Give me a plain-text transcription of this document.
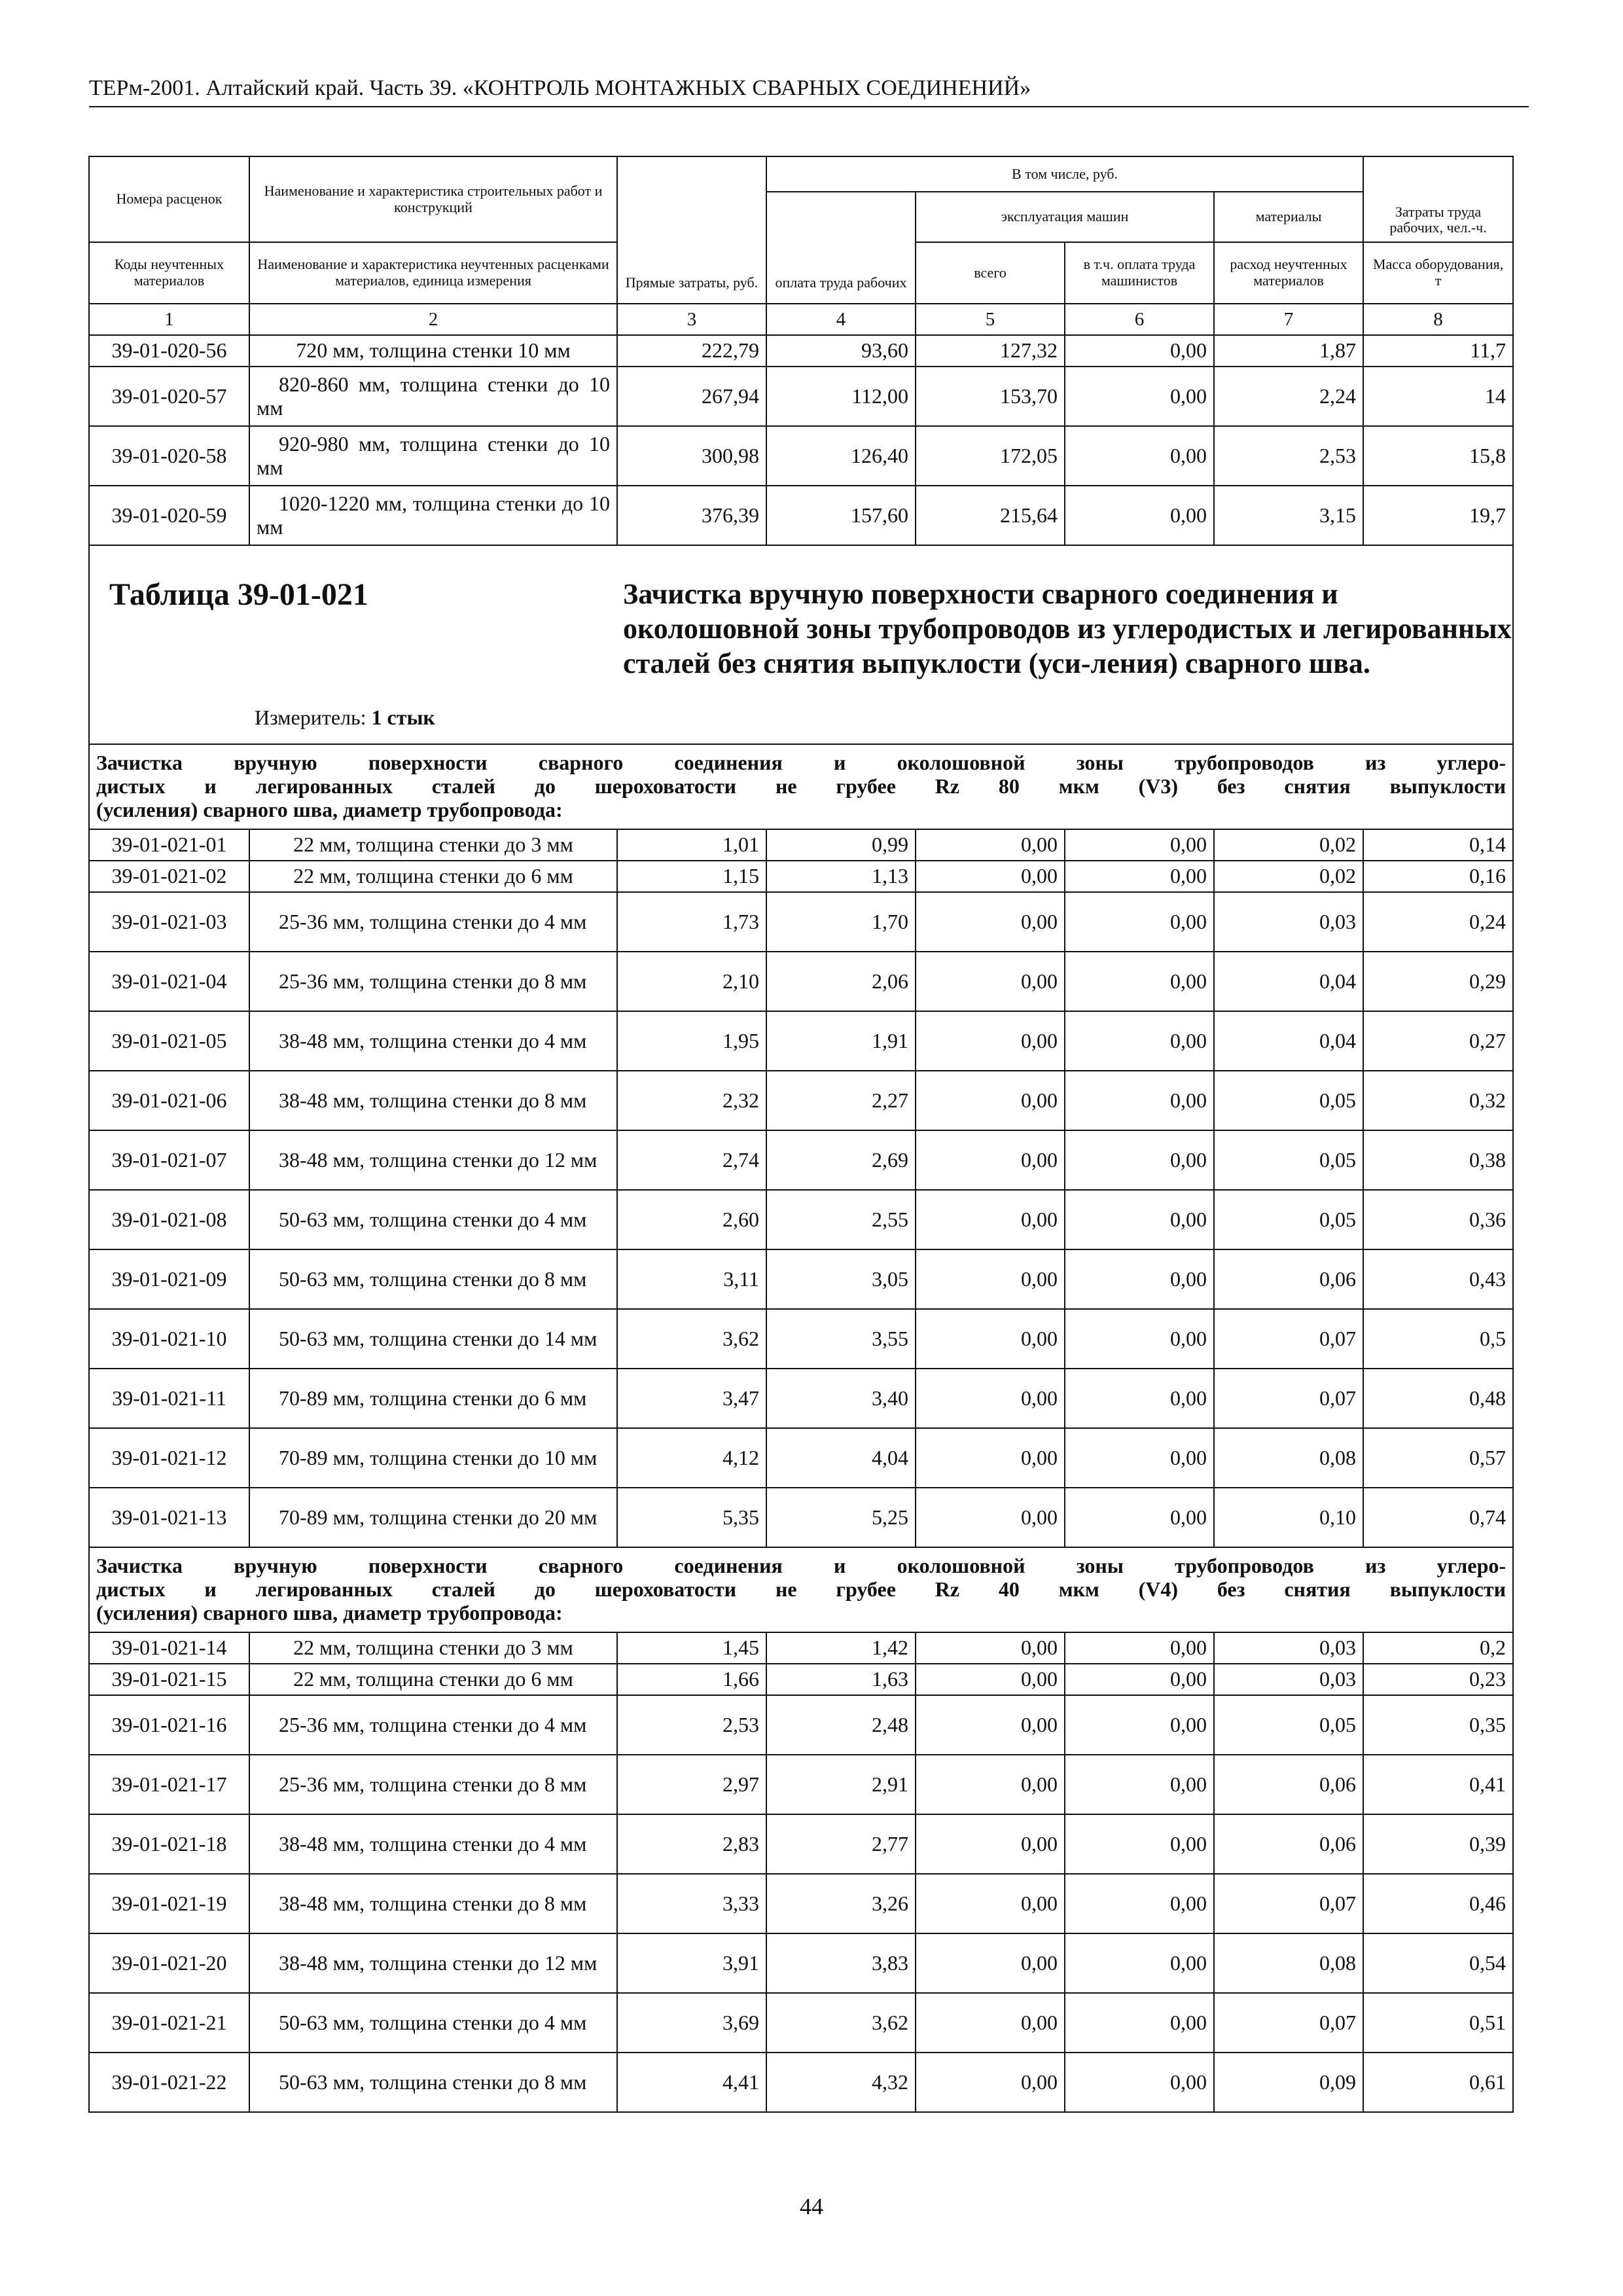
ТЕРм-2001. Алтайский край. Часть 39. «КОНТРОЛЬ МОНТАЖНЫХ СВАРНЫХ СОЕДИНЕНИЙ»
Номера расценок	Наименование и характеристика строительных работ и конструкций	Прямые затраты, руб.	В том числе, руб.				Затраты труда рабочих, чел.-ч.
			оплата труда рабочих	эксплуатация машин		материалы	
Коды неучтенных материалов	Наименование и характеристика неучтенных расценками материалов, единица измерения			всего	в т.ч. оплата труда машинистов	расход неучтенных материалов	Масса оборудования, т
1	2	3	4	5	6	7	8
39-01-020-56	720 мм, толщина стенки 10 мм	222,79	93,60	127,32	0,00	1,87	11,7
39-01-020-57	820-860 мм, толщина стенки до 10 мм	267,94	112,00	153,70	0,00	2,24	14
39-01-020-58	920-980 мм, толщина стенки до 10 мм	300,98	126,40	172,05	0,00	2,53	15,8
39-01-020-59	1020-1220 мм, толщина стенки до 10 мм	376,39	157,60	215,64	0,00	3,15	19,7

Таблица 39-01-021 Зачистка вручную поверхности сварного соединения и околошовной зоны трубопроводов из углеродистых и легированных сталей без снятия выпуклости (уси-ления) сварного шва.
Измеритель: 1 стык							

Зачистка вручную поверхности сварного соединения и околошовной зоны трубопроводов из углеро-
дистых и легированных сталей до шероховатости не грубее Rz 80 мкм (V3) без снятия выпуклости
(усиления) сварного шва, диаметр трубопровода:							

39-01-021-01	22 мм, толщина стенки до 3 мм	1,01	0,99	0,00	0,00	0,02	0,14
39-01-021-02	22 мм, толщина стенки до 6 мм	1,15	1,13	0,00	0,00	0,02	0,16
39-01-021-03	25-36 мм, толщина стенки до 4 мм	1,73	1,70	0,00	0,00	0,03	0,24
39-01-021-04	25-36 мм, толщина стенки до 8 мм	2,10	2,06	0,00	0,00	0,04	0,29
39-01-021-05	38-48 мм, толщина стенки до 4 мм	1,95	1,91	0,00	0,00	0,04	0,27
39-01-021-06	38-48 мм, толщина стенки до 8 мм	2,32	2,27	0,00	0,00	0,05	0,32
39-01-021-07	38-48 мм, толщина стенки до 12 мм	2,74	2,69	0,00	0,00	0,05	0,38
39-01-021-08	50-63 мм, толщина стенки до 4 мм	2,60	2,55	0,00	0,00	0,05	0,36
39-01-021-09	50-63 мм, толщина стенки до 8 мм	3,11	3,05	0,00	0,00	0,06	0,43
39-01-021-10	50-63 мм, толщина стенки до 14 мм	3,62	3,55	0,00	0,00	0,07	0,5
39-01-021-11	70-89 мм, толщина стенки до 6 мм	3,47	3,40	0,00	0,00	0,07	0,48
39-01-021-12	70-89 мм, толщина стенки до 10 мм	4,12	4,04	0,00	0,00	0,08	0,57
39-01-021-13	70-89 мм, толщина стенки до 20 мм	5,35	5,25	0,00	0,00	0,10	0,74

Зачистка вручную поверхности сварного соединения и околошовной зоны трубопроводов из углеро-
дистых и легированных сталей до шероховатости не грубее Rz 40 мкм (V4) без снятия выпуклости
(усиления) сварного шва, диаметр трубопровода:							

39-01-021-14	22 мм, толщина стенки до 3 мм	1,45	1,42	0,00	0,00	0,03	0,2
39-01-021-15	22 мм, толщина стенки до 6 мм	1,66	1,63	0,00	0,00	0,03	0,23
39-01-021-16	25-36 мм, толщина стенки до 4 мм	2,53	2,48	0,00	0,00	0,05	0,35
39-01-021-17	25-36 мм, толщина стенки до 8 мм	2,97	2,91	0,00	0,00	0,06	0,41
39-01-021-18	38-48 мм, толщина стенки до 4 мм	2,83	2,77	0,00	0,00	0,06	0,39
39-01-021-19	38-48 мм, толщина стенки до 8 мм	3,33	3,26	0,00	0,00	0,07	0,46
39-01-021-20	38-48 мм, толщина стенки до 12 мм	3,91	3,83	0,00	0,00	0,08	0,54
39-01-021-21	50-63 мм, толщина стенки до 4 мм	3,69	3,62	0,00	0,00	0,07	0,51
39-01-021-22	50-63 мм, толщина стенки до 8 мм	4,41	4,32	0,00	0,00	0,09	0,61
44
